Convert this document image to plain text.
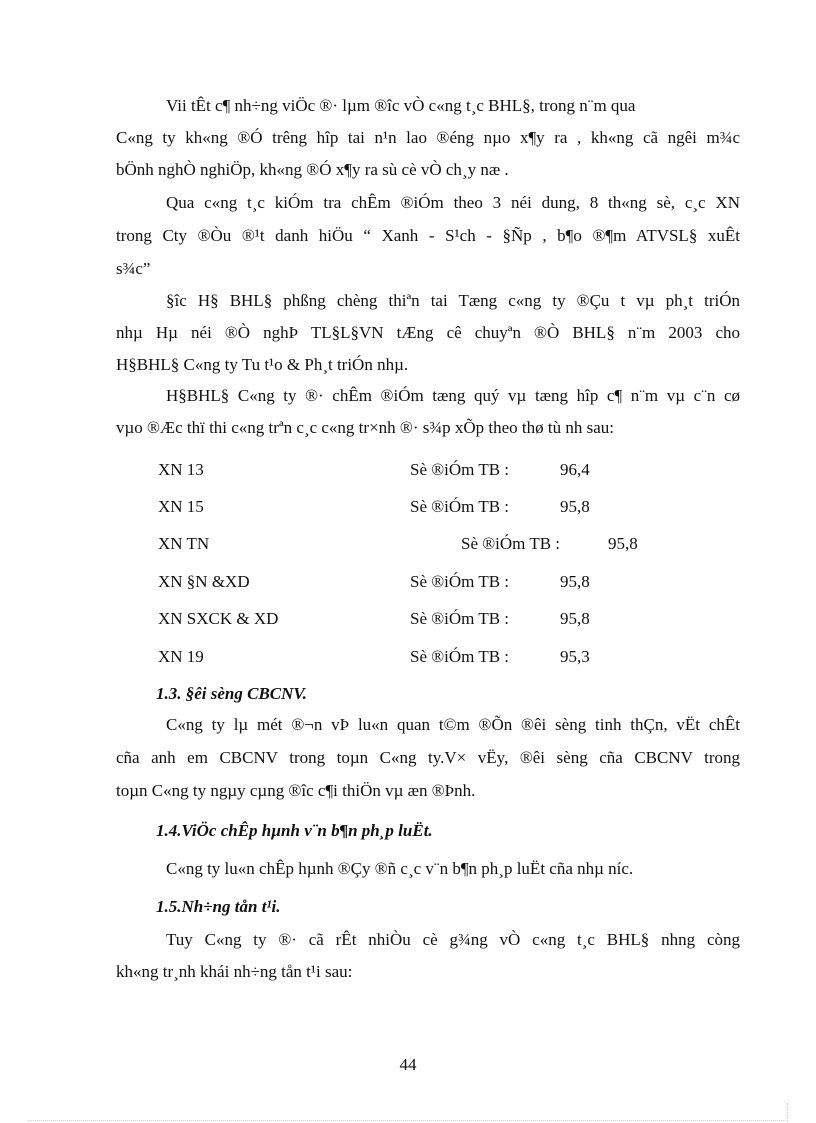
Vii tÊt c¶ nh÷ng viÖc ®· lµm ®îc vÒ c«ng t¸c BHL§, trong n¨m qua
C«ng ty kh«ng ®Ó trêng hîp tai n¹n lao ®éng nµo x¶y ra , kh«ng cã ngêi m¾c
bÖnh nghÒ nghiÖp, kh«ng ®Ó x¶y ra sù cè vÒ ch¸y næ .
Qua c«ng t¸c kiÓm tra chÊm ®iÓm theo 3 néi dung, 8 th«ng sè, c¸c XN
trong Cty ®Òu ®¹t danh hiÖu “ Xanh - S¹ch - §Ñp , b¶o ®¶m ATVSL§ xuÊt
s¾c”
§îc H§ BHL§ phßng chèng thiªn tai Tæng c«ng ty ®Çu t vµ ph¸t triÓn
nhµ Hµ néi ®Ò nghÞ TL§L§VN tÆng cê chuyªn ®Ò BHL§ n¨m 2003 cho
H§BHL§ C«ng ty Tu t¹o & Ph¸t triÓn nhµ.
H§BHL§ C«ng ty ®· chÊm ®iÓm tæng quý vµ tæng hîp c¶ n¨m vµ c¨n cø
vµo ®Æc thï thi c«ng trªn c¸c c«ng tr×nh ®· s¾p xÕp theo thø tù nh sau:
XN 13	Sè ®iÓm TB :	96,4
XN 15	Sè ®iÓm TB :	95,8
XN TN	Sè ®iÓm TB :	95,8
XN §N &XD	Sè ®iÓm TB :	95,8
XN SXCK & XD	Sè ®iÓm TB :	95,8
XN 19	Sè ®iÓm TB :	95,3
1.3. §êi sèng CBCNV.
C«ng ty lµ mét ®¬n vÞ lu«n quan t©m ®Õn ®êi sèng tinh thÇn, vËt chÊt
cña anh em CBCNV trong toµn C«ng ty.V× vËy, ®êi sèng cña CBCNV trong
toµn C«ng ty ngµy cµng ®îc c¶i thiÖn vµ æn ®Þnh.
1.4.ViÖc chÊp hµnh v¨n b¶n ph¸p luËt.
C«ng ty lu«n chÊp hµnh ®Çy ®ñ c¸c v¨n b¶n ph¸p luËt cña nhµ níc.
1.5.Nh÷ng tån t¹i.
Tuy C«ng ty ®· cã rÊt nhiÒu cè g¾ng vÒ c«ng t¸c BHL§ nhng còng
kh«ng tr¸nh khái nh÷ng tån t¹i sau:
44
